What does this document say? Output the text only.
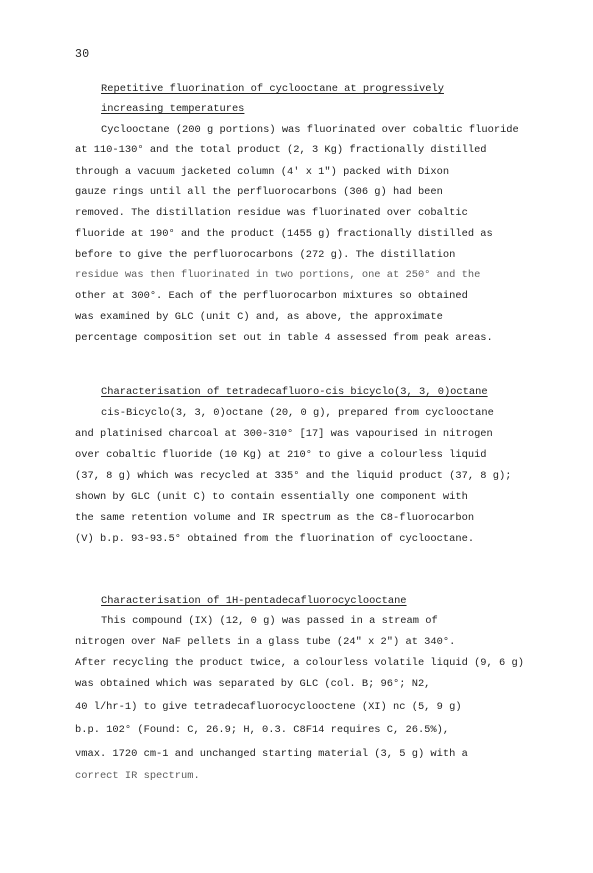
30
Repetitive fluorination of cyclooctane at progressively
increasing temperatures
Cyclooctane (200 g portions) was fluorinated over cobaltic fluoride
at 110-130° and the total product (2, 3 Kg) fractionally distilled
through a vacuum jacketed column (4' x 1") packed with Dixon
gauze rings until all the perfluorocarbons (306 g) had been
removed. The distillation residue was fluorinated over cobaltic
fluoride at 190° and the product (1455 g) fractionally distilled as
before to give the perfluorocarbons (272 g). The distillation
residue was then fluorinated in two portions, one at 250° and the
other at 300°. Each of the perfluorocarbon mixtures so obtained
was examined by GLC (unit C) and, as above, the approximate
percentage composition set out in table 4 assessed from peak areas.
Characterisation of tetradecafluoro-cis bicyclo(3, 3, 0)octane
cis-Bicyclo(3, 3, 0)octane (20, 0 g), prepared from cyclooctane
and platinised charcoal at 300-310° [17] was vapourised in nitrogen
over cobaltic fluoride (10 Kg) at 210° to give a colourless liquid
(37, 8 g) which was recycled at 335° and the liquid product (37, 8 g);
shown by GLC (unit C) to contain essentially one component with
the same retention volume and IR spectrum as the C8-fluorocarbon
(V) b.p. 93-93.5° obtained from the fluorination of cyclooctane.
Characterisation of 1H-pentadecafluorocyclooctane
This compound (IX) (12, 0 g) was passed in a stream of
nitrogen over NaF pellets in a glass tube (24" x 2") at 340°.
After recycling the product twice, a colourless volatile liquid (9, 6 g)
was obtained which was separated by GLC (col. B; 96°; N2,
40 l/hr-1) to give tetradecafluorocyclooctene (XI) nc (5, 9 g)
b.p. 102° (Found: C, 26.9; H, 0.3. C8F14 requires C, 26.5%),
νmax. 1720 cm-1 and unchanged starting material (3, 5 g) with a
correct IR spectrum.
